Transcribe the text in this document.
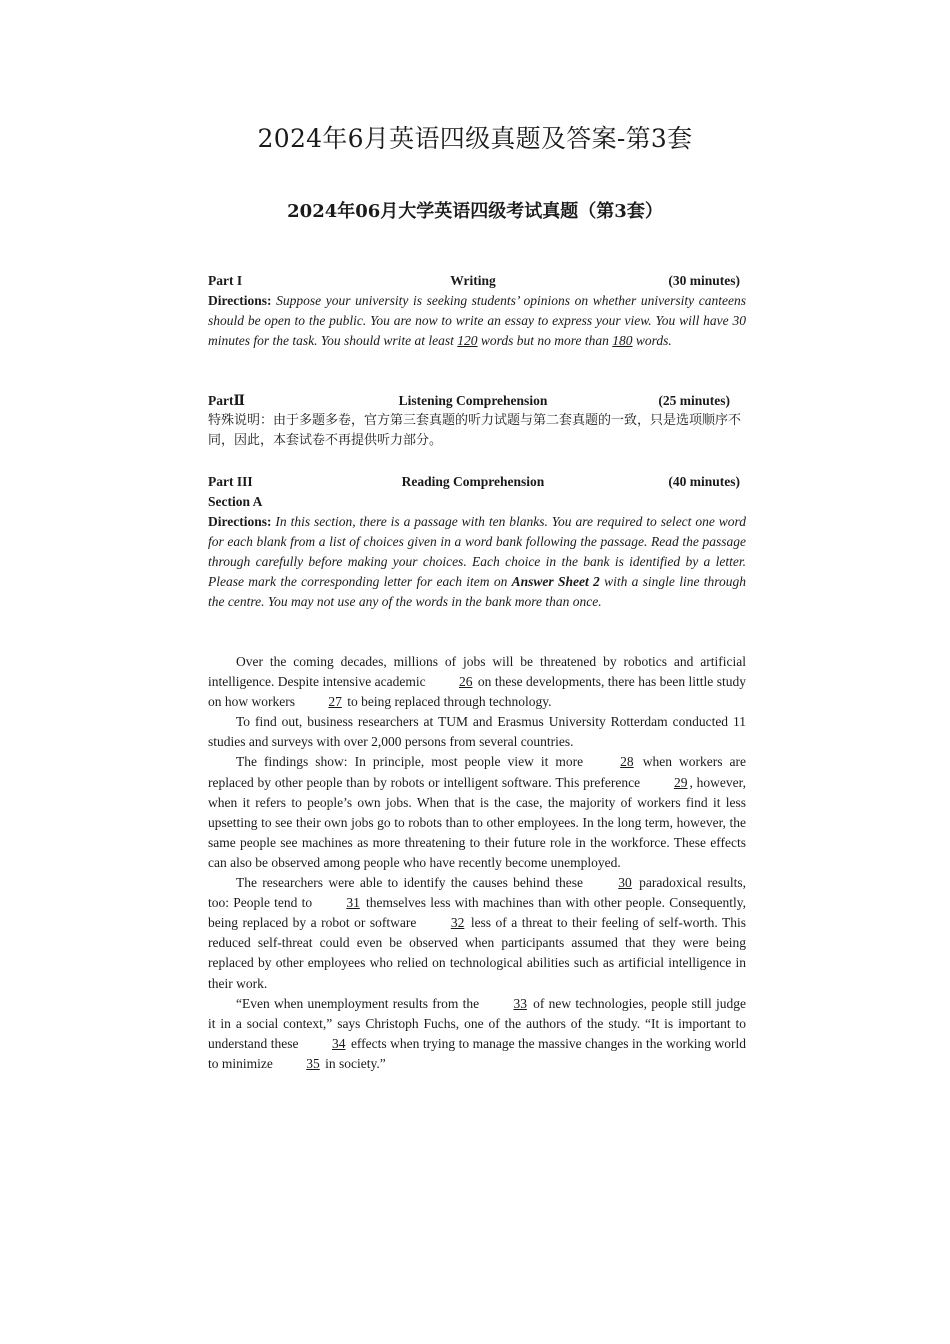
2024年6月英语四级真题及答案-第3套
2024年06月大学英语四级考试真题（第3套）
Part I	Writing	(30 minutes)
Directions: Suppose your university is seeking students’ opinions on whether university canteens should be open to the public. You are now to write an essay to express your view. You will have 30 minutes for the task. You should write at least 120 words but no more than 180 words.
PartⅡ	Listening Comprehension	(25 minutes)
特殊说明：由于多题多卷，官方第三套真题的听力试题与第二套真题的一致，只是选项顺序不同，因此，本套试卷不再提供听力部分。
Part III	Reading Comprehension	(40 minutes)
Section A
Directions: In this section, there is a passage with ten blanks. You are required to select one word for each blank from a list of choices given in a word bank following the passage. Read the passage through carefully before making your choices. Each choice in the bank is identified by a letter. Please mark the corresponding letter for each item on Answer Sheet 2 with a single line through the centre. You may not use any of the words in the bank more than once.

Over the coming decades, millions of jobs will be threatened by robotics and artificial intelligence. Despite intensive academic 26 on these developments, there has been little study on how workers 27 to being replaced through technology.

To find out, business researchers at TUM and Erasmus University Rotterdam conducted 11 studies and surveys with over 2,000 persons from several countries.

The findings show: In principle, most people view it more 28 when workers are replaced by other people than by robots or intelligent software. This preference 29 , however, when it refers to people’s own jobs. When that is the case, the majority of workers find it less upsetting to see their own jobs go to robots than to other employees. In the long term, however, the same people see machines as more threatening to their future role in the workforce. These effects can also be observed among people who have recently become unemployed.

The researchers were able to identify the causes behind these 30 paradoxical results, too: People tend to 31 themselves less with machines than with other people. Consequently, being replaced by a robot or software 32 less of a threat to their feeling of self-worth. This reduced self-threat could even be observed when participants assumed that they were being replaced by other employees who relied on technological abilities such as artificial intelligence in their work.

“Even when unemployment results from the 33 of new technologies, people still judge it in a social context,” says Christoph Fuchs, one of the authors of the study. “It is important to understand these 34 effects when trying to manage the massive changes in the working world to minimize 35 in society.”
